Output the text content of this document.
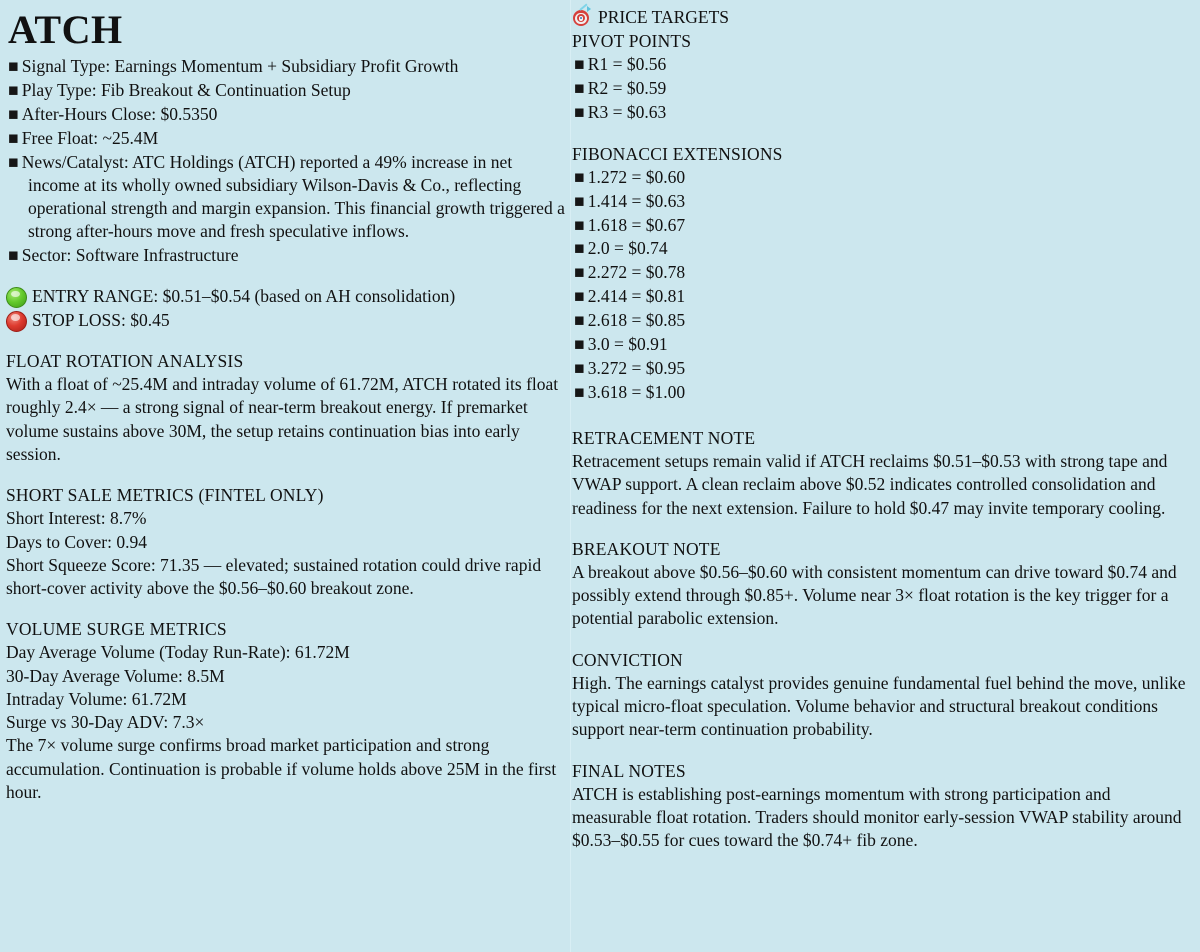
ATCH

◼Signal Type: Earnings Momentum + Subsidiary Profit Growth

◼Play Type: Fib Breakout & Continuation Setup

◼After-Hours Close: $0.5350

◼Free Float: ~25.4M

◼News/Catalyst: ATC Holdings (ATCH) reported a 49% increase in net income at its wholly owned subsidiary Wilson-Davis & Co., reflecting operational strength and margin expansion. This financial growth triggered a strong after-hours move and fresh speculative inflows.

◼Sector: Software Infrastructure

ENTRY RANGE: $0.51–$0.54 (based on AH consolidation)
STOP LOSS: $0.45

FLOAT ROTATION ANALYSIS

With a float of ~25.4M and intraday volume of 61.72M, ATCH rotated its float roughly 2.4× — a strong signal of near-term breakout energy. If premarket volume sustains above 30M, the setup retains continuation bias into early session.

SHORT SALE METRICS (FINTEL ONLY)

Short Interest: 8.7%

Days to Cover: 0.94

Short Squeeze Score: 71.35 — elevated; sustained rotation could drive rapid short-cover activity above the $0.56–$0.60 breakout zone.

VOLUME SURGE METRICS

Day Average Volume (Today Run-Rate): 61.72M

30-Day Average Volume: 8.5M

Intraday Volume: 61.72M

Surge vs 30-Day ADV: 7.3×

The 7× volume surge confirms broad market participation and strong accumulation. Continuation is probable if volume holds above 25M in the first hour.

PRICE TARGETS

PIVOT POINTS

◼R1 = $0.56

◼R2 = $0.59

◼R3 = $0.63

FIBONACCI EXTENSIONS

◼1.272 = $0.60

◼1.414 = $0.63

◼1.618 = $0.67

◼2.0 = $0.74

◼2.272 = $0.78

◼2.414 = $0.81

◼2.618 = $0.85

◼3.0 = $0.91

◼3.272 = $0.95

◼3.618 = $1.00

RETRACEMENT NOTE

Retracement setups remain valid if ATCH reclaims $0.51–$0.53 with strong tape and VWAP support. A clean reclaim above $0.52 indicates controlled consolidation and readiness for the next extension. Failure to hold $0.47 may invite temporary cooling.

BREAKOUT NOTE

A breakout above $0.56–$0.60 with consistent momentum can drive toward $0.74 and possibly extend through $0.85+. Volume near 3× float rotation is the key trigger for a potential parabolic extension.

CONVICTION

High. The earnings catalyst provides genuine fundamental fuel behind the move, unlike typical micro-float speculation. Volume behavior and structural breakout conditions support near-term continuation probability.

FINAL NOTES

ATCH is establishing post-earnings momentum with strong participation and measurable float rotation. Traders should monitor early-session VWAP stability around $0.53–$0.55 for cues toward the $0.74+ fib zone.
